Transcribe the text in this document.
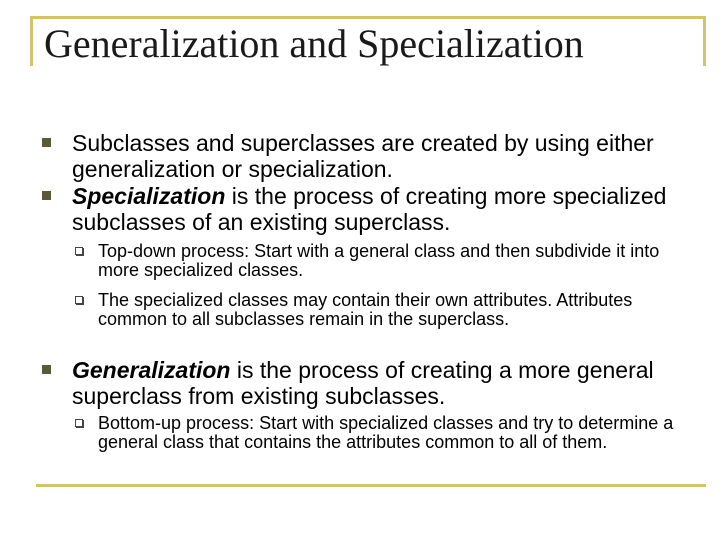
Generalization and Specialization
Subclasses and superclasses are created by using either generalization or specialization.
Specialization is the process of creating more specialized subclasses of an existing superclass.
Top-down process: Start with a general class and then subdivide it into more specialized classes.
The specialized classes may contain their own attributes. Attributes common to all subclasses remain in the superclass.
Generalization is the process of creating a more general superclass from existing subclasses.
Bottom-up process: Start with specialized classes and try to determine a general class that contains the attributes common to all of them.
